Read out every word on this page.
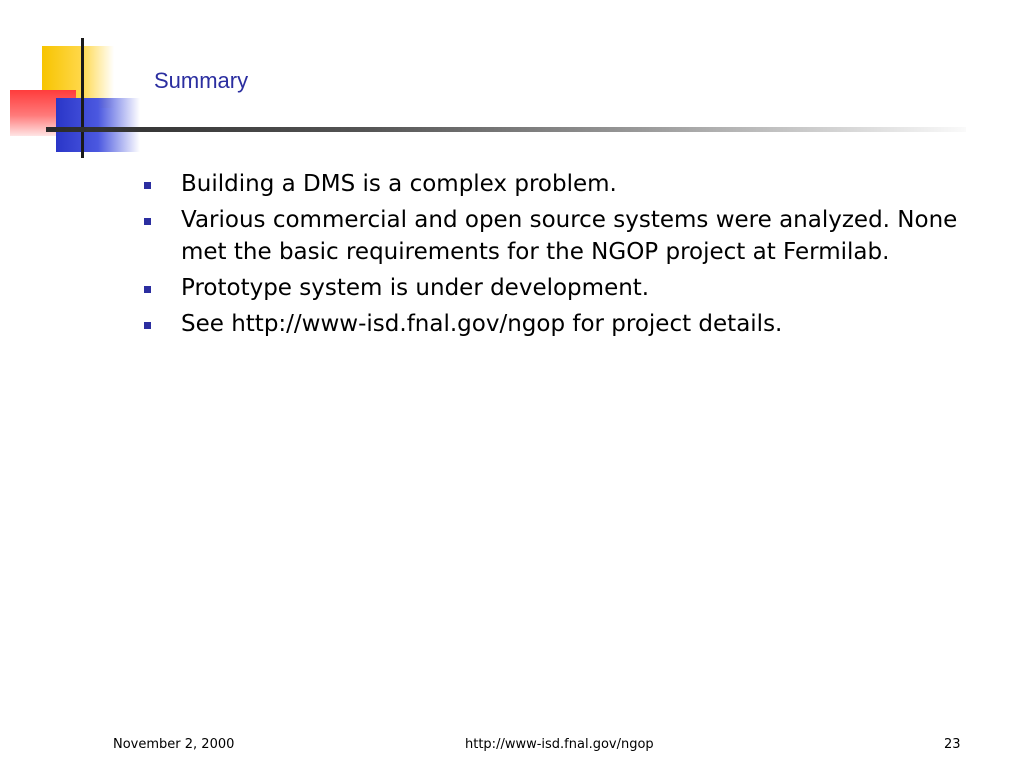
Summary
Building a DMS is a complex problem.
Various commercial and open source systems were analyzed. None met the basic requirements for the NGOP project at Fermilab.
Prototype system is under development.
See http://www-isd.fnal.gov/ngop for project details.
November 2, 2000	http://www-isd.fnal.gov/ngop	23
